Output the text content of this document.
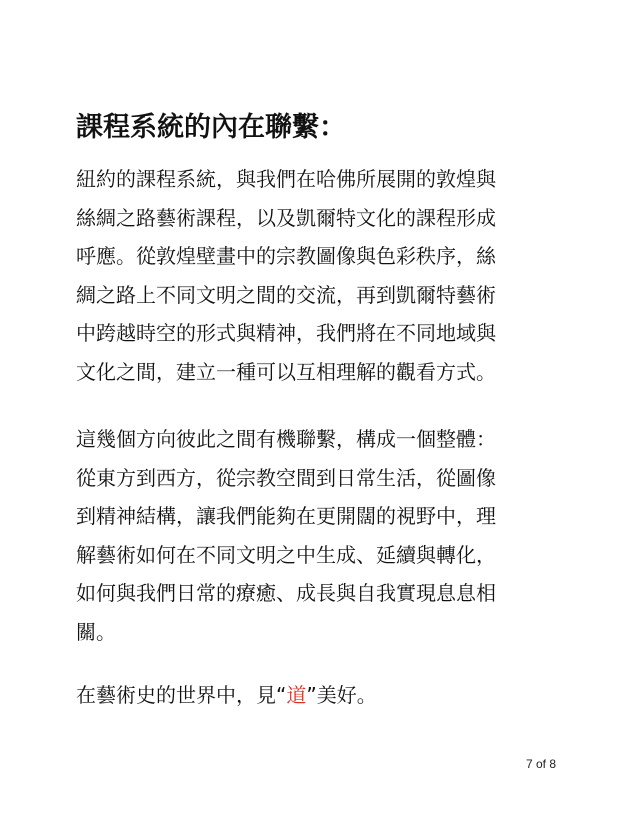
課程系統的內在聯繫：

紐約的課程系統，與我們在哈佛所展開的敦煌與
絲綢之路藝術課程，以及凱爾特文化的課程形成
呼應。從敦煌壁畫中的宗教圖像與色彩秩序，絲
綢之路上不同文明之間的交流，再到凱爾特藝術
中跨越時空的形式與精神，我們將在不同地域與
文化之間，建立一種可以互相理解的觀看方式。

這幾個方向彼此之間有機聯繫，構成一個整體：
從東方到西方，從宗教空間到日常生活，從圖像
到精神結構，讓我們能夠在更開闊的視野中，理
解藝術如何在不同文明之中生成、延續與轉化，
如何與我們日常的療癒、成長與自我實現息息相
關。

在藝術史的世界中，見“道”美好。

7 of 8
